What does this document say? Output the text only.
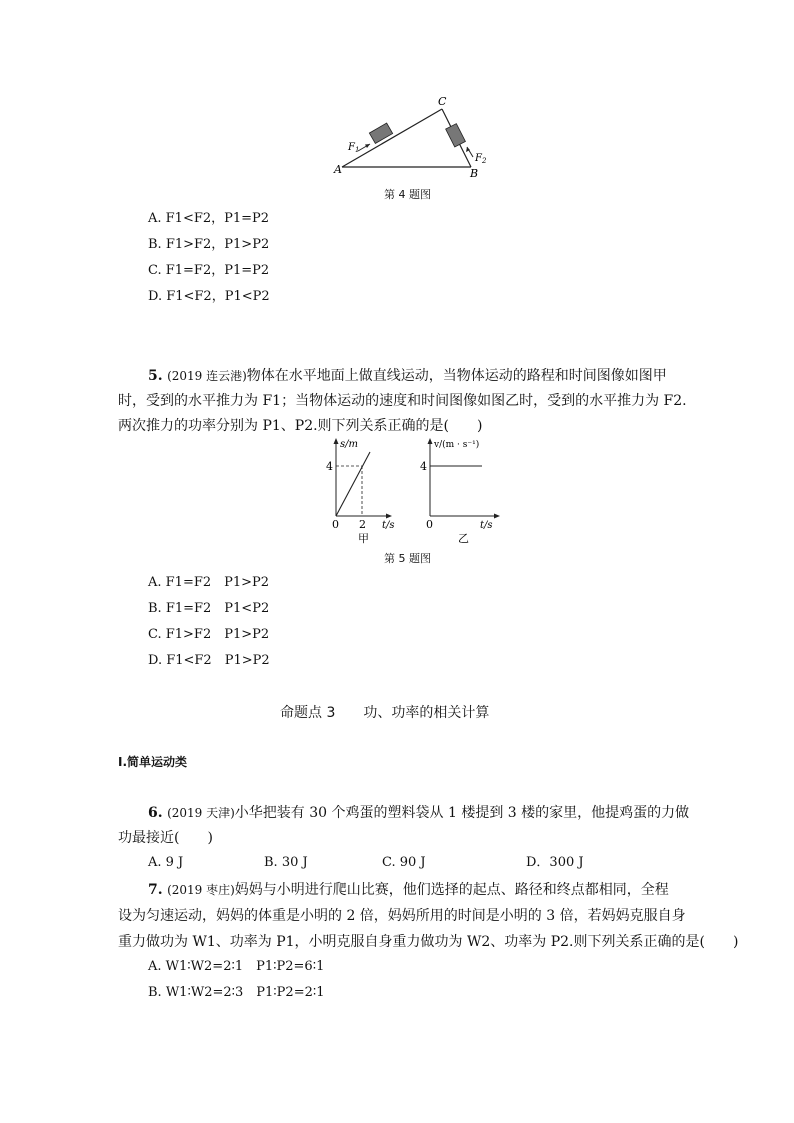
A	B
C
$F_1$
$F_2$
第 4 题图
A. F1<F2，P1=P2
B. F1>F2，P1>P2
C. F1=F2，P1=P2
D. F1<F2，P1<P2
5. (2019 连云港)物体在水平地面上做直线运动，当物体运动的路程和时间图像如图甲
时，受到的水平推力为 F1；当物体运动的速度和时间图像如图乙时，受到的水平推力为 F2.
两次推力的功率分别为 P1、P2.则下列关系正确的是(　　)
s/m
4
0 2 t/s
甲
v/(m · s⁻¹)
4
0	t/s
乙
第 5 题图
A. F1=F2　P1>P2
B. F1=F2　P1<P2
C. F1>F2　P1>P2
D. F1<F2　P1>P2
命题点 3　　功、功率的相关计算
Ⅰ.简单运动类
6. (2019 天津)小华把装有 30 个鸡蛋的塑料袋从 1 楼提到 3 楼的家里，他提鸡蛋的力做
功最接近(　　)
A. 9 J	B. 30 J	C. 90 J	D．300 J
7. (2019 枣庄)妈妈与小明进行爬山比赛，他们选择的起点、路径和终点都相同，全程
设为匀速运动，妈妈的体重是小明的 2 倍，妈妈所用的时间是小明的 3 倍，若妈妈克服自身
重力做功为 W1、功率为 P1，小明克服自身重力做功为 W2、功率为 P2.则下列关系正确的是(　　)
A. W1∶W2=2∶1　P1∶P2=6∶1
B. W1∶W2=2∶3　P1∶P2=2∶1
